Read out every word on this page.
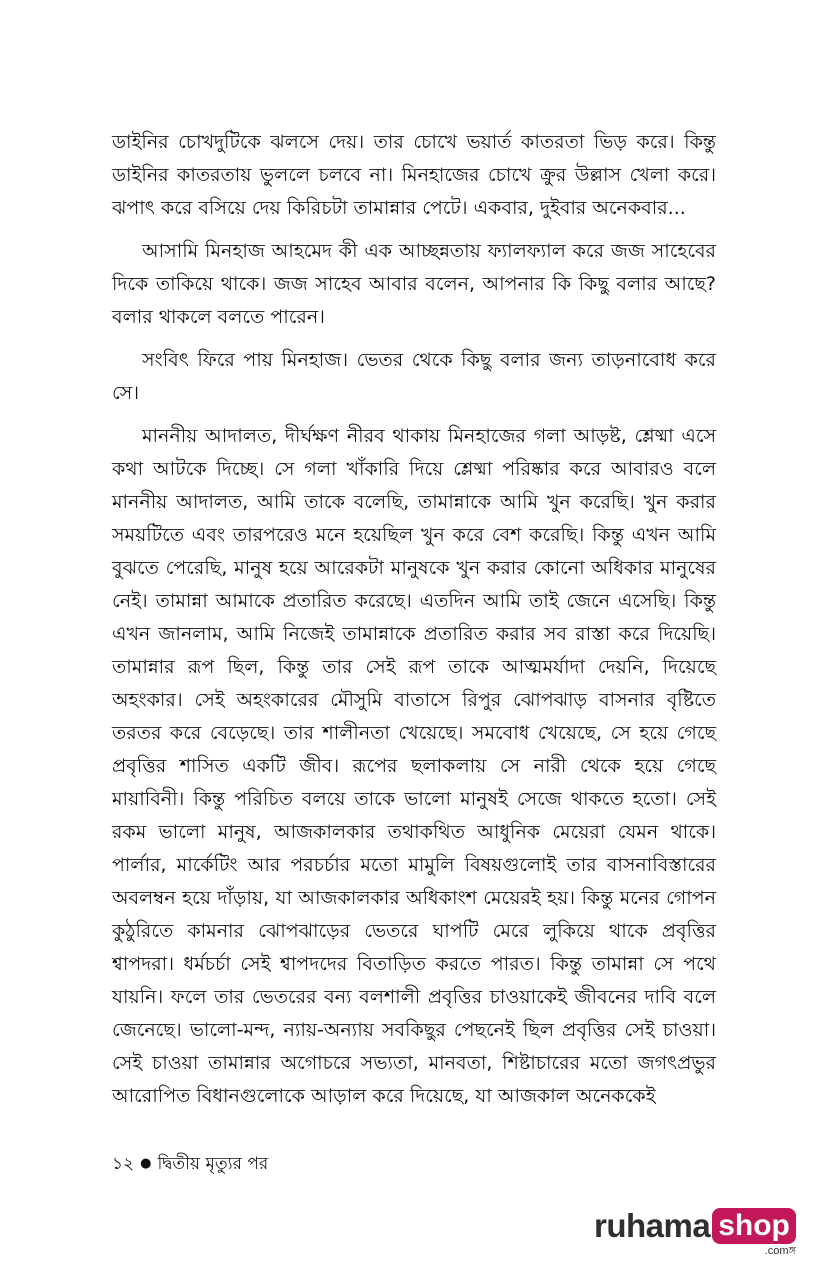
ডাইনির চোখদুটিকে ঝলসে দেয়। তার চোখে ভয়ার্ত কাতরতা ভিড় করে। কিন্তু ডাইনির কাতরতায় ভুললে চলবে না। মিনহাজের চোখে ক্রুর উল্লাস খেলা করে। ঝপাৎ করে বসিয়ে দেয় কিরিচটা তামান্নার পেটে। একবার, দুইবার অনেকবার...

আসামি মিনহাজ আহমেদ কী এক আচ্ছন্নতায় ফ্যালফ্যাল করে জজ সাহেবের দিকে তাকিয়ে থাকে। জজ সাহেব আবার বলেন, আপনার কি কিছু বলার আছে? বলার থাকলে বলতে পারেন।

সংবিৎ ফিরে পায় মিনহাজ। ভেতর থেকে কিছু বলার জন্য তাড়নাবোধ করে সে।

মাননীয় আদালত, দীর্ঘক্ষণ নীরব থাকায় মিনহাজের গলা আড়ষ্ট, শ্লেষ্মা এসে কথা আটকে দিচ্ছে। সে গলা খাঁকারি দিয়ে শ্লেষ্মা পরিষ্কার করে আবারও বলে মাননীয় আদালত, আমি তাকে বলেছি, তামান্নাকে আমি খুন করেছি। খুন করার সময়টিতে এবং তারপরেও মনে হয়েছিল খুন করে বেশ করেছি। কিন্তু এখন আমি বুঝতে পেরেছি, মানুষ হয়ে আরেকটা মানুষকে খুন করার কোনো অধিকার মানুষের নেই। তামান্না আমাকে প্রতারিত করেছে। এতদিন আমি তাই জেনে এসেছি। কিন্তু এখন জানলাম, আমি নিজেই তামান্নাকে প্রতারিত করার সব রাস্তা করে দিয়েছি। তামান্নার রূপ ছিল, কিন্তু তার সেই রূপ তাকে আত্মমর্যাদা দেয়নি, দিয়েছে অহংকার। সেই অহংকারের মৌসুমি বাতাসে রিপুর ঝোপঝাড় বাসনার বৃষ্টিতে তরতর করে বেড়েছে। তার শালীনতা খেয়েছে। সমবোধ খেয়েছে, সে হয়ে গেছে প্রবৃত্তির শাসিত একটি জীব। রূপের ছলাকলায় সে নারী থেকে হয়ে গেছে মায়াবিনী। কিন্তু পরিচিত বলয়ে তাকে ভালো মানুষই সেজে থাকতে হতো। সেই রকম ভালো মানুষ, আজকালকার তথাকথিত আধুনিক মেয়েরা যেমন থাকে। পার্লার, মার্কেটিং আর পরচর্চার মতো মামুলি বিষয়গুলোই তার বাসনাবিস্তারের অবলম্বন হয়ে দাঁড়ায়, যা আজকালকার অধিকাংশ মেয়েরই হয়। কিন্তু মনের গোপন কুঠুরিতে কামনার ঝোপঝাড়ের ভেতরে ঘাপটি মেরে লুকিয়ে থাকে প্রবৃত্তির শ্বাপদরা। ধর্মচর্চা সেই শ্বাপদদের বিতাড়িত করতে পারত। কিন্তু তামান্না সে পথে যায়নি। ফলে তার ভেতরের বন্য বলশালী প্রবৃত্তির চাওয়াকেই জীবনের দাবি বলে জেনেছে। ভালো-মন্দ, ন্যায়-অন্যায় সবকিছুর পেছনেই ছিল প্রবৃত্তির সেই চাওয়া। সেই চাওয়া তামান্নার অগোচরে সভ্যতা, মানবতা, শিষ্টাচারের মতো জগৎপ্রভুর আরোপিত বিধানগুলোকে আড়াল করে দিয়েছে, যা আজকাল অনেককেই

১২ ● দ্বিতীয় মৃত্যুর পর
ruhama shop
.comঙ্গ
